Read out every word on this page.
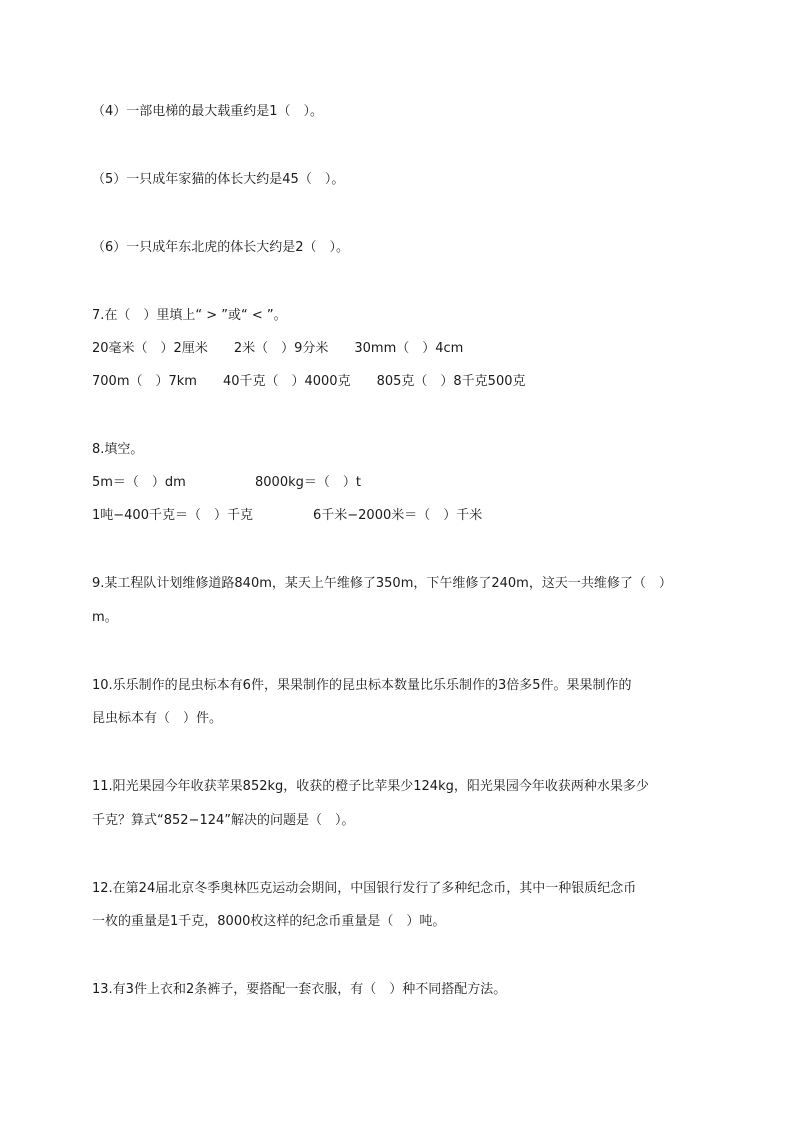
（4）一部电梯的最大载重约是1（　）。
（5）一只成年家猫的体长大约是45（　）。
（6）一只成年东北虎的体长大约是2（　）。
7.在（　）里填上“ > ”或“ < ”。
20毫米（　）2厘米 2米（　）9分米 30mm（　）4cm
700m（　）7km 40千克（　）4000克 805克（　）8千克500克
8.填空。
5m＝（　）dm	8000kg＝（　）t
1吨−400千克＝（　）千克	6千米−2000米＝（　）千米
9.某工程队计划维修道路840m，某天上午维修了350m，下午维修了240m，这天一共维修了（　）
m。
10.乐乐制作的昆虫标本有6件，果果制作的昆虫标本数量比乐乐制作的3倍多5件。果果制作的
昆虫标本有（　）件。
11.阳光果园今年收获苹果852kg，收获的橙子比苹果少124kg，阳光果园今年收获两种水果多少
千克？算式“852−124”解决的问题是（　）。
12.在第24届北京冬季奥林匹克运动会期间，中国银行发行了多种纪念币，其中一种银质纪念币
一枚的重量是1千克，8000枚这样的纪念币重量是（　）吨。
13.有3件上衣和2条裤子，要搭配一套衣服，有（　）种不同搭配方法。
